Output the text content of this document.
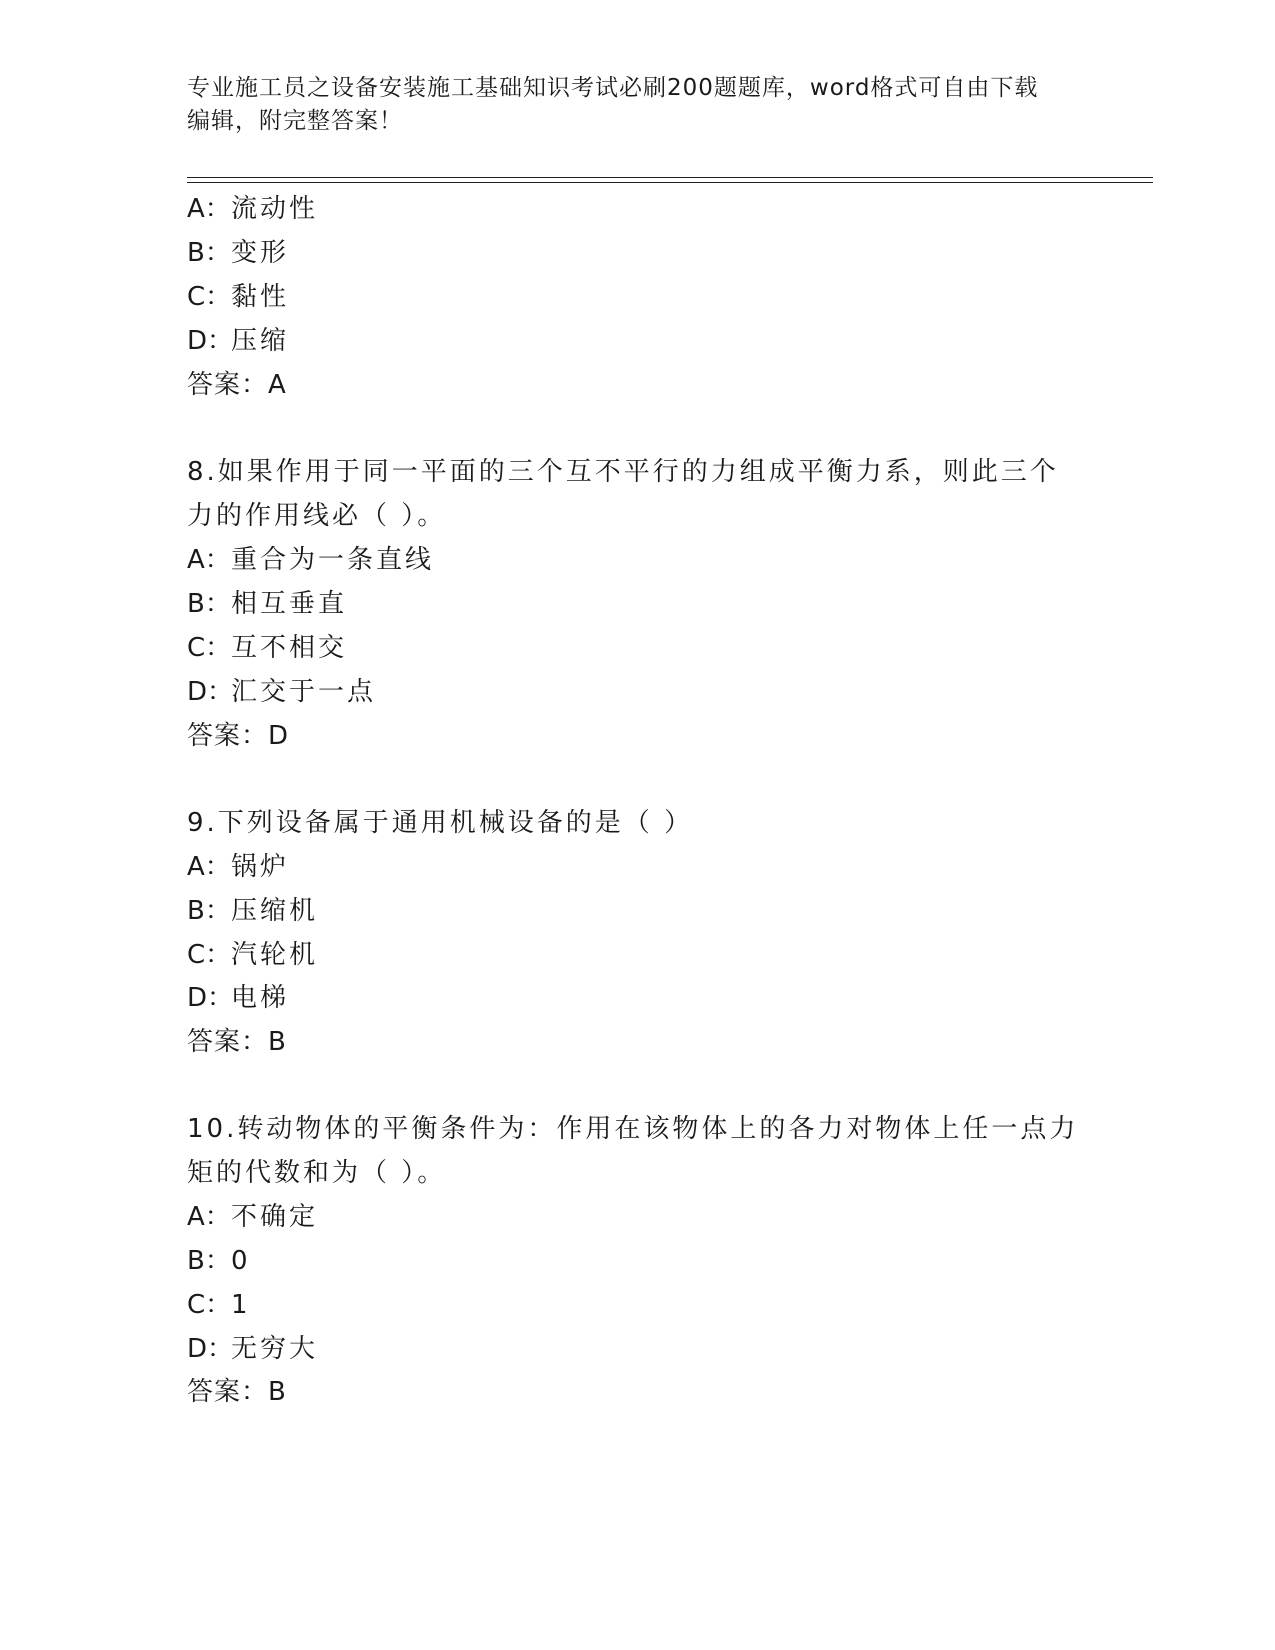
专业施工员之设备安装施工基础知识考试必刷200题题库，word格式可自由下载
编辑，附完整答案！
A：流动性
B：变形
C：黏性
D：压缩
答案：A
8.如果作用于同一平面的三个互不平行的力组成平衡力系，则此三个
力的作用线必（ ）。
A：重合为一条直线
B：相互垂直
C：互不相交
D：汇交于一点
答案：D
9.下列设备属于通用机械设备的是（ ）
A：锅炉
B：压缩机
C：汽轮机
D：电梯
答案：B
10.转动物体的平衡条件为：作用在该物体上的各力对物体上任一点力
矩的代数和为（ ）。
A：不确定
B：0
C：1
D：无穷大
答案：B
